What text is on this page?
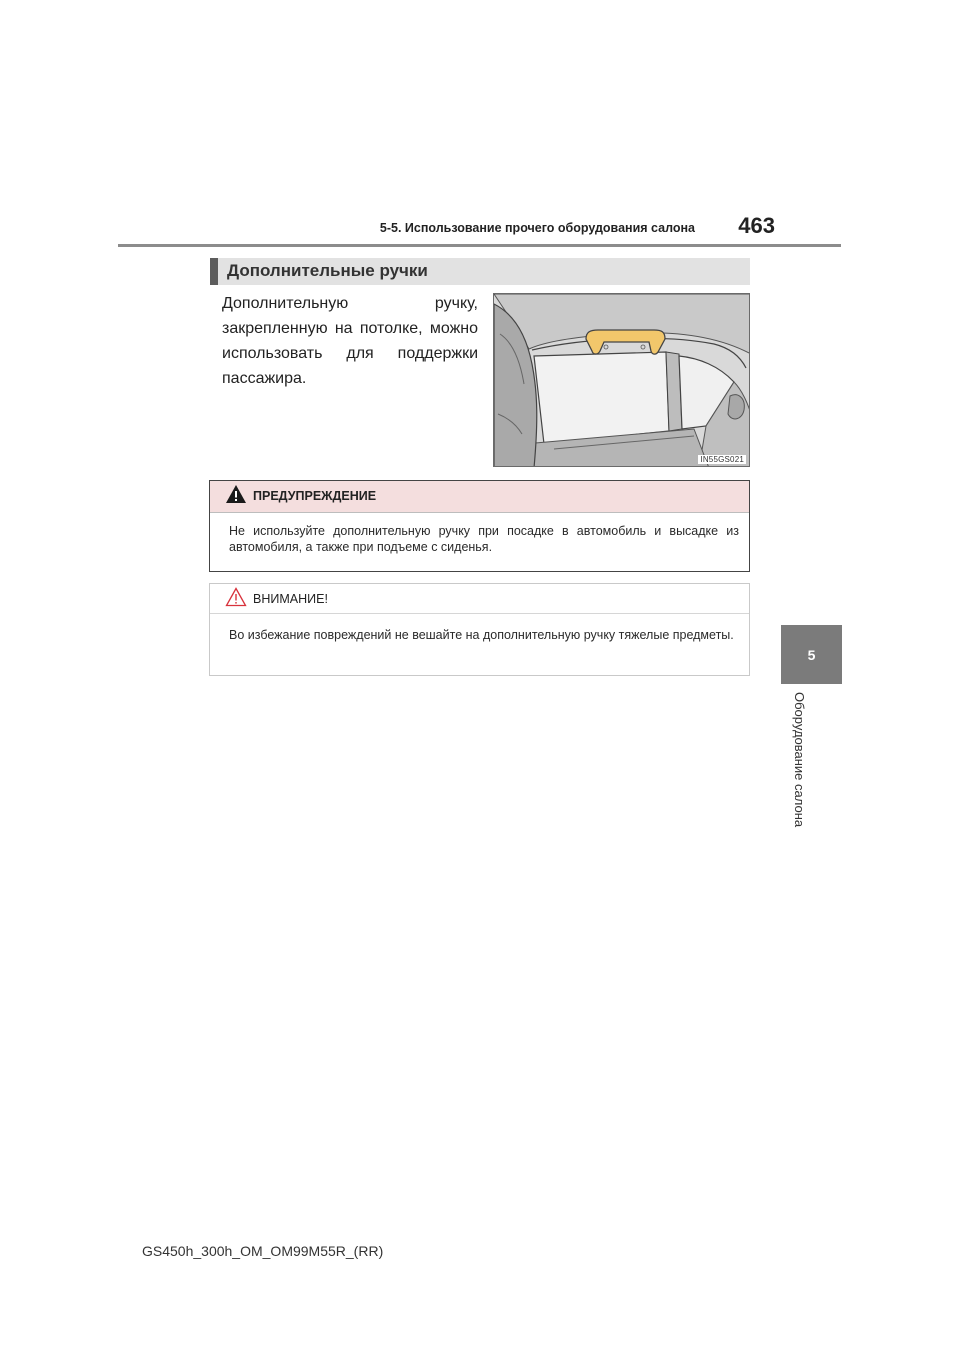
5-5. Использование прочего оборудования салона 463
5
Оборудование салона
Дополнительные ручки
Дополнительную ручку, закрепленную на потолке, можно использовать для поддержки пассажира.
IN55GS021
ПРЕДУПРЕЖДЕНИЕ
Не используйте дополнительную ручку при посадке в автомобиль и высадке из автомобиля, а также при подъеме с сиденья.
ВНИМАНИЕ!
Во избежание повреждений не вешайте на дополнительную ручку тяжелые предметы.
GS450h_300h_OM_OM99M55R_(RR)
